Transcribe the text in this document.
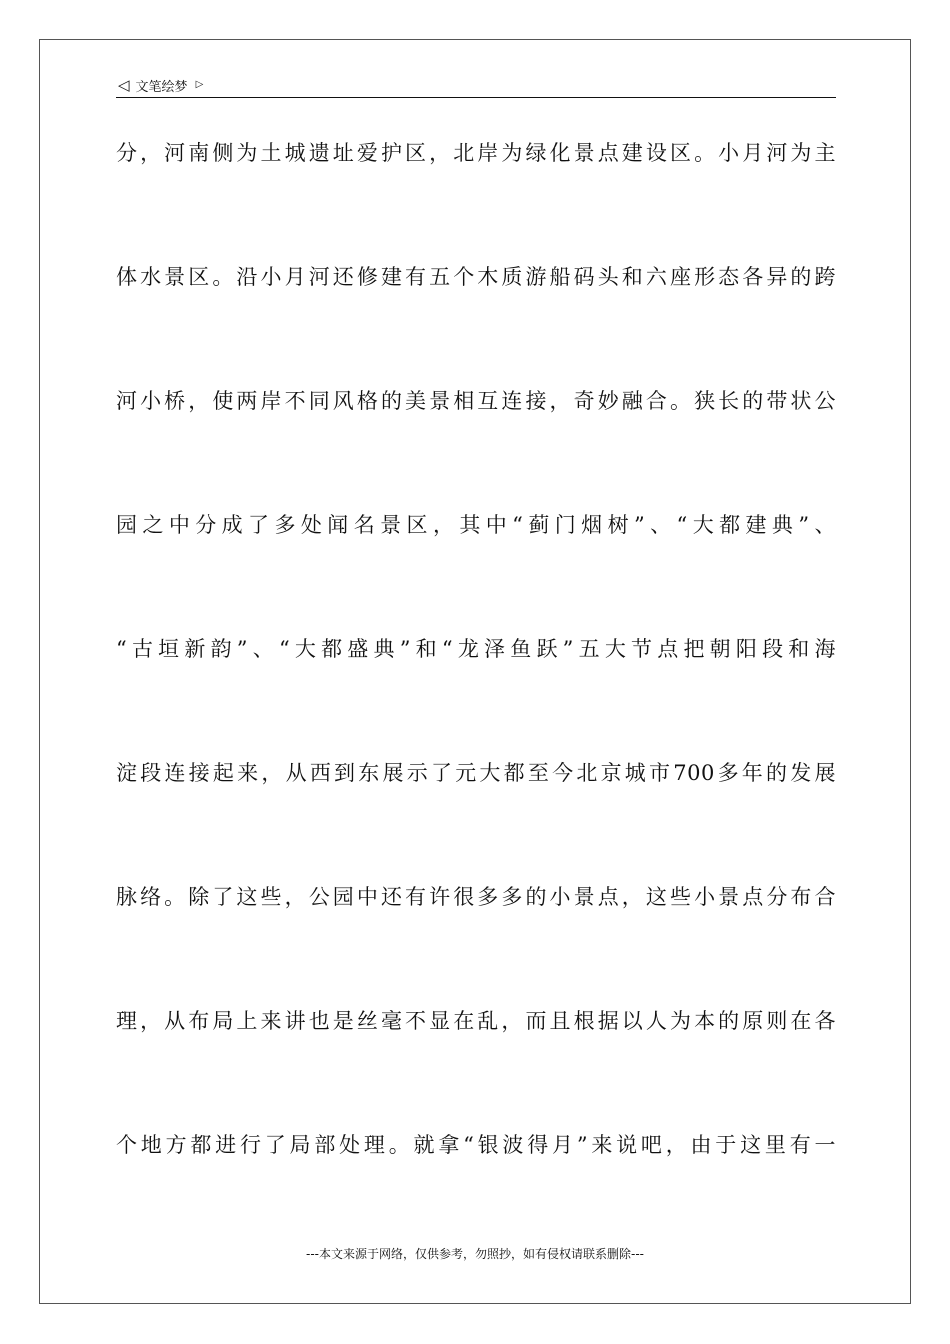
◁ 文笔绘梦 ▷
分，河南侧为土城遗址爱护区，北岸为绿化景点建设区。小月河为主
体水景区。沿小月河还修建有五个木质游船码头和六座形态各异的跨
河小桥，使两岸不同风格的美景相互连接，奇妙融合。狭长的带状公
园之中分成了多处闻名景区，其中“蓟门烟树”、“大都建典”、
“古垣新韵”、“大都盛典”和“龙泽鱼跃”五大节点把朝阳段和海
淀段连接起来，从西到东展示了元大都至今北京城市700多年的发展
脉络。除了这些，公园中还有许很多多的小景点，这些小景点分布合
理，从布局上来讲也是丝毫不显在乱，而且根据以人为本的原则在各
个地方都进行了局部处理。就拿“银波得月”来说吧，由于这里有一
---本文来源于网络，仅供参考，勿照抄，如有侵权请联系删除---
